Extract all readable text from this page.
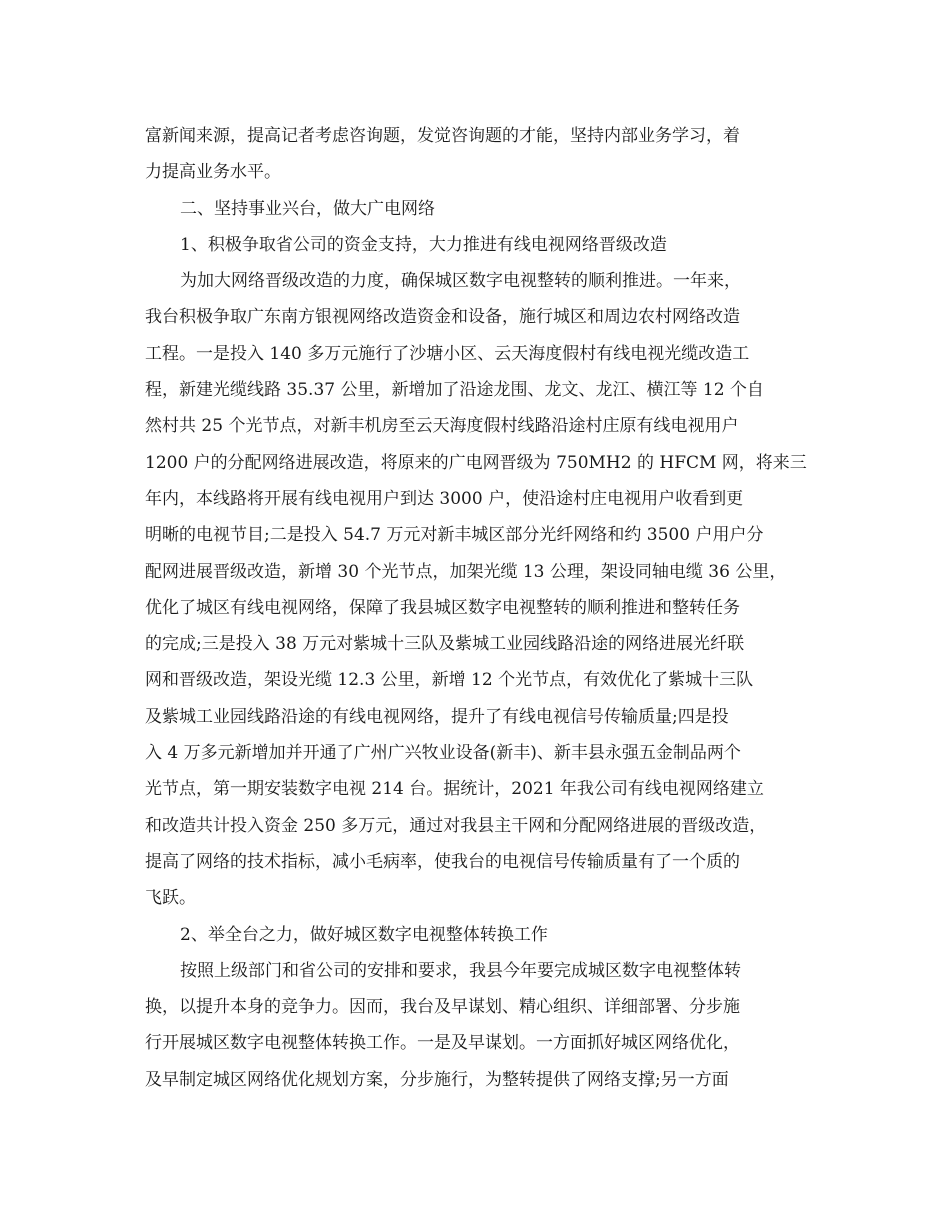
富新闻来源，提高记者考虑咨询题，发觉咨询题的才能，坚持内部业务学习，着
力提高业务水平。
二、坚持事业兴台，做大广电网络
1、积极争取省公司的资金支持，大力推进有线电视网络晋级改造
为加大网络晋级改造的力度，确保城区数字电视整转的顺利推进。一年来，
我台积极争取广东南方银视网络改造资金和设备，施行城区和周边农村网络改造
工程。一是投入 140 多万元施行了沙塘小区、云天海度假村有线电视光缆改造工
程，新建光缆线路 35.37 公里，新增加了沿途龙围、龙文、龙江、横江等 12 个自
然村共 25 个光节点，对新丰机房至云天海度假村线路沿途村庄原有线电视用户
1200 户的分配网络进展改造，将原来的广电网晋级为 750MH2 的 HFCM 网，将来三
年内，本线路将开展有线电视用户到达 3000 户，使沿途村庄电视用户收看到更
明晰的电视节目;二是投入 54.7 万元对新丰城区部分光纤网络和约 3500 户用户分
配网进展晋级改造，新增 30 个光节点，加架光缆 13 公理，架设同轴电缆 36 公里，
优化了城区有线电视网络，保障了我县城区数字电视整转的顺利推进和整转任务
的完成;三是投入 38 万元对紫城十三队及紫城工业园线路沿途的网络进展光纤联
网和晋级改造，架设光缆 12.3 公里，新增 12 个光节点，有效优化了紫城十三队
及紫城工业园线路沿途的有线电视网络，提升了有线电视信号传输质量;四是投
入 4 万多元新增加并开通了广州广兴牧业设备(新丰)、新丰县永强五金制品两个
光节点，第一期安装数字电视 214 台。据统计，2021 年我公司有线电视网络建立
和改造共计投入资金 250 多万元，通过对我县主干网和分配网络进展的晋级改造，
提高了网络的技术指标，减小毛病率，使我台的电视信号传输质量有了一个质的
飞跃。
2、举全台之力，做好城区数字电视整体转换工作
按照上级部门和省公司的安排和要求，我县今年要完成城区数字电视整体转
换，以提升本身的竞争力。因而，我台及早谋划、精心组织、详细部署、分步施
行开展城区数字电视整体转换工作。一是及早谋划。一方面抓好城区网络优化，
及早制定城区网络优化规划方案，分步施行，为整转提供了网络支撑;另一方面
